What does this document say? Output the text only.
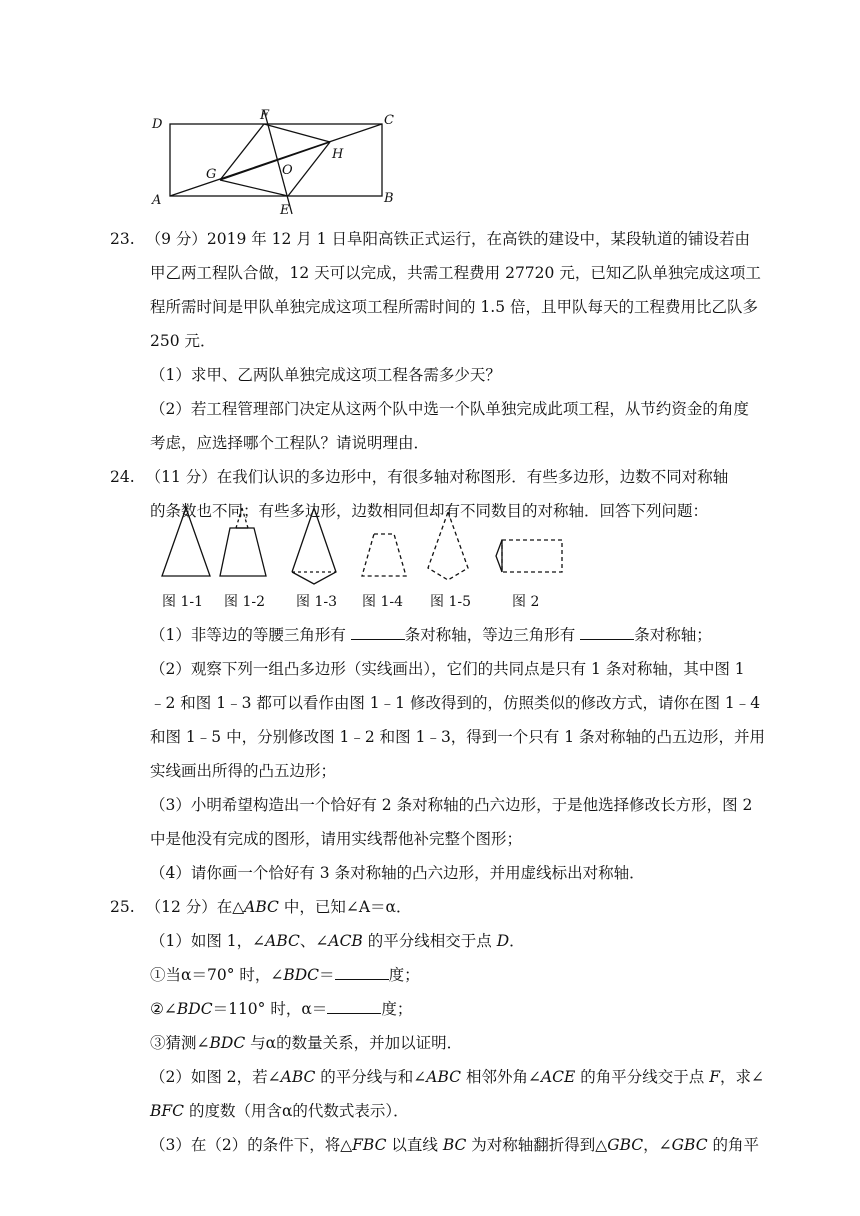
D
F	C
H
G	O
A
E
B
23. （9 分）2019 年 12 月 1 日阜阳高铁正式运行，在高铁的建设中，某段轨道的铺设若由
甲乙两工程队合做，12 天可以完成，共需工程费用 27720 元，已知乙队单独完成这项工
程所需时间是甲队单独完成这项工程所需时间的 1.5 倍，且甲队每天的工程费用比乙队多
250 元．
（1）求甲、乙两队单独完成这项工程各需多少天？
（2）若工程管理部门决定从这两个队中选一个队单独完成此项工程，从节约资金的角度
考虑，应选择哪个工程队？请说明理由．
24. （11 分）在我们认识的多边形中，有很多轴对称图形．有些多边形，边数不同对称轴
的条数也不同；有些多边形，边数相同但却有不同数目的对称轴．回答下列问题：
图 1-1 图 1-2 图 1-3 图 1-4 图 1-5	图 2
（1）非等边的等腰三角形有	条对称轴，等边三角形有	条对称轴；
（2）观察下列一组凸多边形（实线画出），它们的共同点是只有 1 条对称轴，其中图 1
﹣2 和图 1﹣3 都可以看作由图 1﹣1 修改得到的，仿照类似的修改方式，请你在图 1﹣4
和图 1﹣5 中，分别修改图 1﹣2 和图 1﹣3，得到一个只有 1 条对称轴的凸五边形，并用
实线画出所得的凸五边形；
（3）小明希望构造出一个恰好有 2 条对称轴的凸六边形，于是他选择修改长方形，图 2
中是他没有完成的图形，请用实线帮他补完整个图形；
（4）请你画一个恰好有 3 条对称轴的凸六边形，并用虚线标出对称轴．
25. （12 分）在△ABC 中，已知∠A＝α．
（1）如图 1，∠ABC、∠ACB 的平分线相交于点 D．
①当α＝70° 时，∠BDC＝	度；
②∠BDC＝110° 时，α＝	度；
③猜测∠BDC 与α的数量关系，并加以证明．
（2）如图 2，若∠ABC 的平分线与和∠ABC 相邻外角∠ACE 的角平分线交于点 F，求∠
BFC 的度数（用含α的代数式表示）．
（3）在（2）的条件下，将△FBC 以直线 BC 为对称轴翻折得到△GBC，∠GBC 的角平
